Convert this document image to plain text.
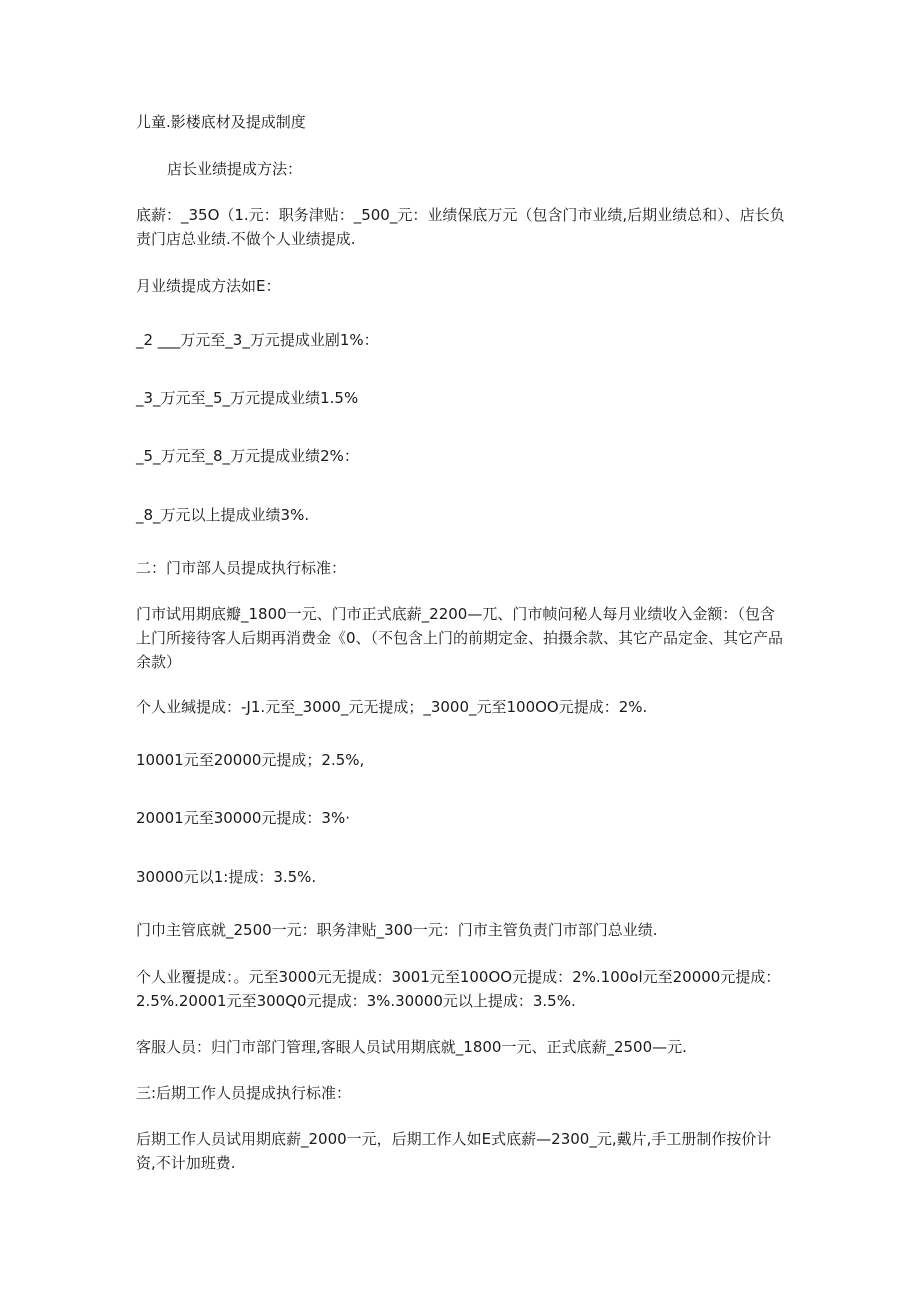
儿童.影楼底材及提成制度

店长业绩提成方法：

底薪：_35O（1.元：职务津贴：_500_元：业绩保底万元（包含门市业绩,后期业绩总和）、店长负责门店总业绩.不做个人业绩提成.

月业绩提成方法如E：

_2 ___万元至_3_万元提成业剧1%：

_3_万元至_5_万元提成业绩1.5%

_5_万元至_8_万元提成业绩2%：

_8_万元以上提成业绩3%.

二：门市部人员提成执行标准：

门市试用期底瓣_1800一元、门市正式底薪_2200—兀、门市帧问秘人每月业绩收入金额：（包含上门所接待客人后期再消费金《0、（不包含上门的前期定金、拍摄余款、其它产品定金、其它产品余款）

个人业缄提成：-J1.元至_3000_元无提成；_3000_元至100OO元提成：2%.

10001元至20000元提成；2.5%,

20001元至30000元提成：3%·

30000元以1:提成：3.5%.

门巾主管底就_2500一元：职务津贴_300一元：门市主管负责门市部门总业绩.

个人业覆提成：。元至3000元无提成：3001元至100OO元提成：2%.100ol元至20000元提成：2.5%.20001元至300Q0元提成：3%.30000元以上提成：3.5%.

客服人员：归门市部门管理,客眼人员试用期底就_1800一元、正式底薪_2500—元.

三:后期工作人员提成执行标准：

后期工作人员试用期底薪_2000一元，后期工作人如E式底薪—2300_元,戴片,手工册制作按价计资,不计加班费.
